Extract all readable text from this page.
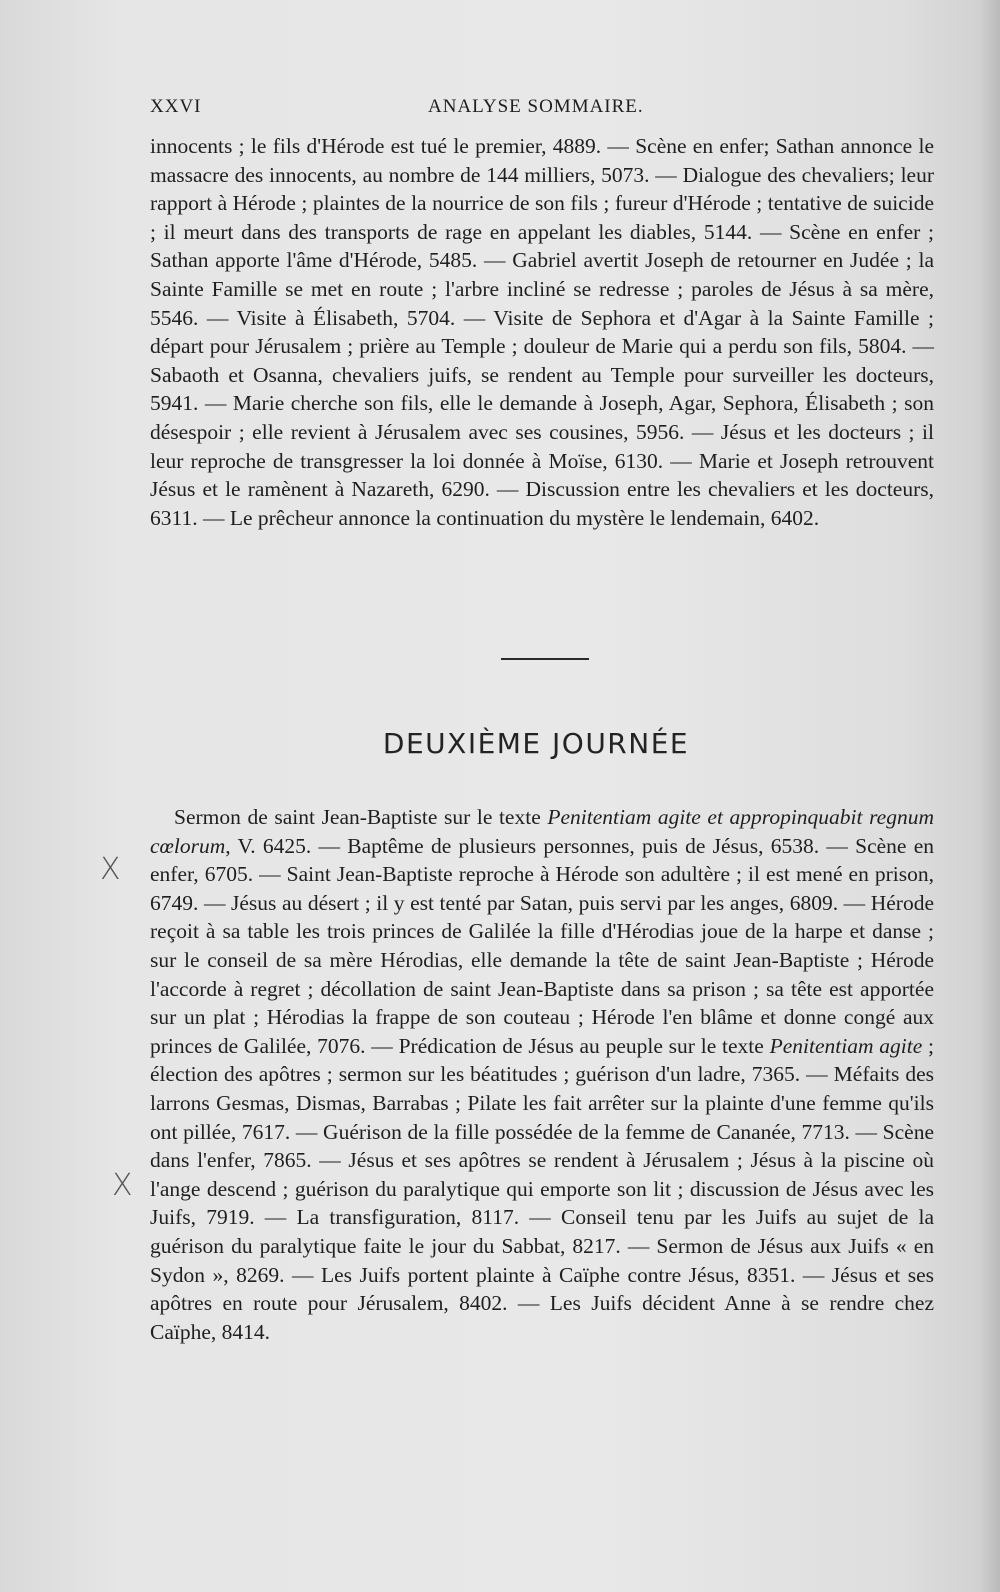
XXVI	ANALYSE SOMMAIRE.

innocents ; le fils d'Hérode est tué le premier, 4889. — Scène en enfer; Sathan annonce le massacre des innocents, au nombre de 144 milliers, 5073. — Dialogue des chevaliers; leur rapport à Hérode ; plaintes de la nourrice de son fils ; fureur d'Hérode ; tentative de suicide ; il meurt dans des transports de rage en appelant les diables, 5144. — Scène en enfer ; Sathan apporte l'âme d'Hérode, 5485. — Gabriel avertit Joseph de retourner en Judée ; la Sainte Famille se met en route ; l'arbre incliné se redresse ; paroles de Jésus à sa mère, 5546. — Visite à Élisabeth, 5704. — Visite de Sephora et d'Agar à la Sainte Famille ; départ pour Jérusalem ; prière au Temple ; douleur de Marie qui a perdu son fils, 5804. — Sabaoth et Osanna, chevaliers juifs, se rendent au Temple pour surveiller les docteurs, 5941. — Marie cherche son fils, elle le demande à Joseph, Agar, Sephora, Élisabeth ; son désespoir ; elle revient à Jérusalem avec ses cousines, 5956. — Jésus et les docteurs ; il leur reproche de transgresser la loi donnée à Moïse, 6130. — Marie et Joseph retrouvent Jésus et le ramènent à Nazareth, 6290. — Discussion entre les chevaliers et les docteurs, 6311. — Le prêcheur annonce la continuation du mystère le lendemain, 6402.

DEUXIÈME JOURNÉE

Sermon de saint Jean-Baptiste sur le texte Penitentiam agite et appropinquabit regnum cœlorum, V. 6425. — Baptême de plusieurs personnes, puis de Jésus, 6538. — Scène en enfer, 6705. — Saint Jean-Baptiste reproche à Hérode son adultère ; il est mené en prison, 6749. — Jésus au désert ; il y est tenté par Satan, puis servi par les anges, 6809. — Hérode reçoit à sa table les trois princes de Galilée la fille d'Hérodias joue de la harpe et danse ; sur le conseil de sa mère Hérodias, elle demande la tête de saint Jean-Baptiste ; Hérode l'accorde à regret ; décollation de saint Jean-Baptiste dans sa prison ; sa tête est apportée sur un plat ; Hérodias la frappe de son couteau ; Hérode l'en blâme et donne congé aux princes de Galilée, 7076. — Prédication de Jésus au peuple sur le texte Penitentiam agite ; élection des apôtres ; sermon sur les béatitudes ; guérison d'un ladre, 7365. — Méfaits des larrons Gesmas, Dismas, Barrabas ; Pilate les fait arrêter sur la plainte d'une femme qu'ils ont pillée, 7617. — Guérison de la fille possédée de la femme de Cananée, 7713. — Scène dans l'enfer, 7865. — Jésus et ses apôtres se rendent à Jérusalem ; Jésus à la piscine où l'ange descend ; guérison du paralytique qui emporte son lit ; discussion de Jésus avec les Juifs, 7919. — La transfiguration, 8117. — Conseil tenu par les Juifs au sujet de la guérison du paralytique faite le jour du Sabbat, 8217. — Sermon de Jésus aux Juifs « en Sydon », 8269. — Les Juifs portent plainte à Caïphe contre Jésus, 8351. — Jésus et ses apôtres en route pour Jérusalem, 8402. — Les Juifs décident Anne à se rendre chez Caïphe, 8414.

X
X
